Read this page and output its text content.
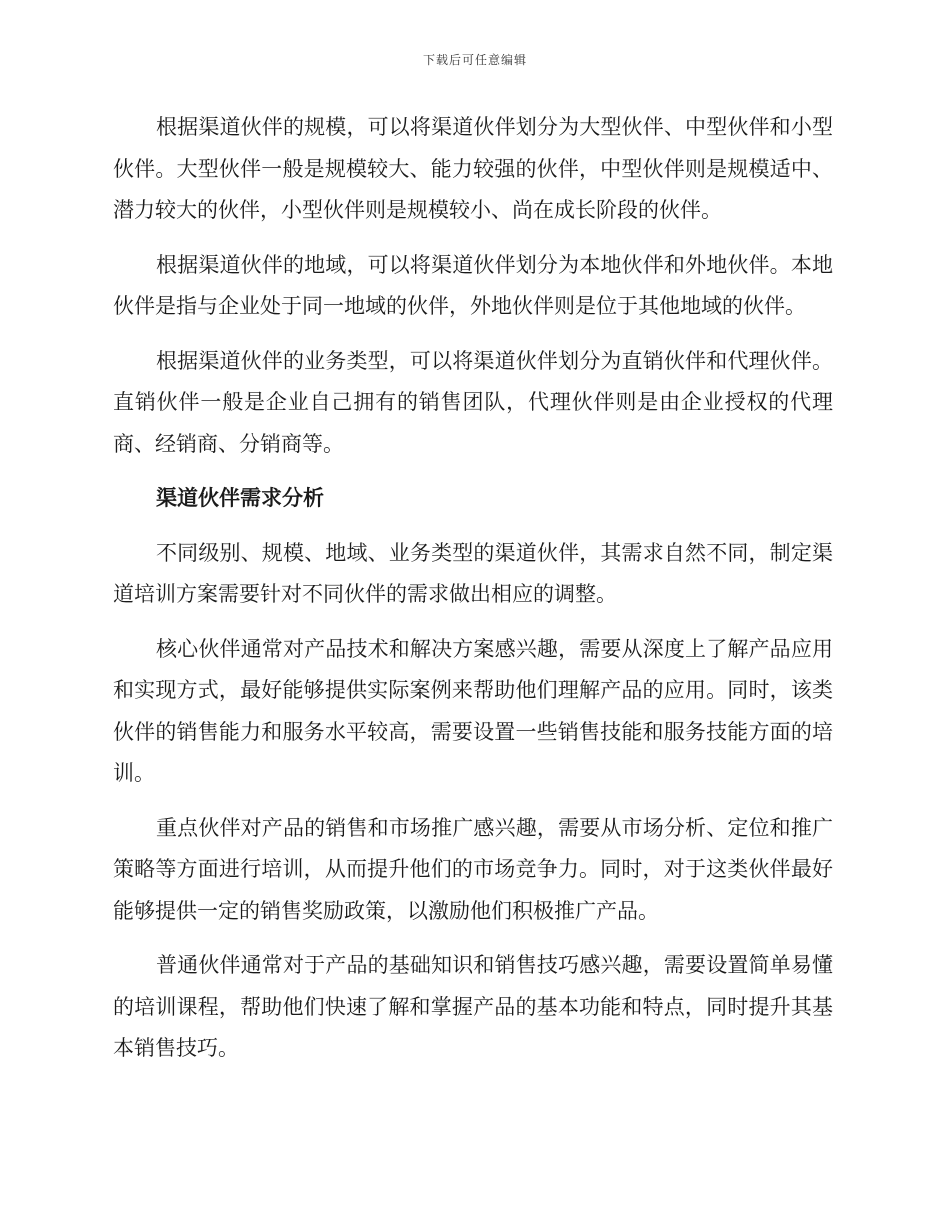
下载后可任意编辑

根据渠道伙伴的规模，可以将渠道伙伴划分为大型伙伴、中型伙伴和小型伙伴。大型伙伴一般是规模较大、能力较强的伙伴，中型伙伴则是规模适中、潜力较大的伙伴，小型伙伴则是规模较小、尚在成长阶段的伙伴。

根据渠道伙伴的地域，可以将渠道伙伴划分为本地伙伴和外地伙伴。本地伙伴是指与企业处于同一地域的伙伴，外地伙伴则是位于其他地域的伙伴。

根据渠道伙伴的业务类型，可以将渠道伙伴划分为直销伙伴和代理伙伴。直销伙伴一般是企业自己拥有的销售团队，代理伙伴则是由企业授权的代理商、经销商、分销商等。

渠道伙伴需求分析

不同级别、规模、地域、业务类型的渠道伙伴，其需求自然不同，制定渠道培训方案需要针对不同伙伴的需求做出相应的调整。

核心伙伴通常对产品技术和解决方案感兴趣，需要从深度上了解产品应用和实现方式，最好能够提供实际案例来帮助他们理解产品的应用。同时，该类伙伴的销售能力和服务水平较高，需要设置一些销售技能和服务技能方面的培训。

重点伙伴对产品的销售和市场推广感兴趣，需要从市场分析、定位和推广策略等方面进行培训，从而提升他们的市场竞争力。同时，对于这类伙伴最好能够提供一定的销售奖励政策，以激励他们积极推广产品。

普通伙伴通常对于产品的基础知识和销售技巧感兴趣，需要设置简单易懂的培训课程，帮助他们快速了解和掌握产品的基本功能和特点，同时提升其基本销售技巧。
